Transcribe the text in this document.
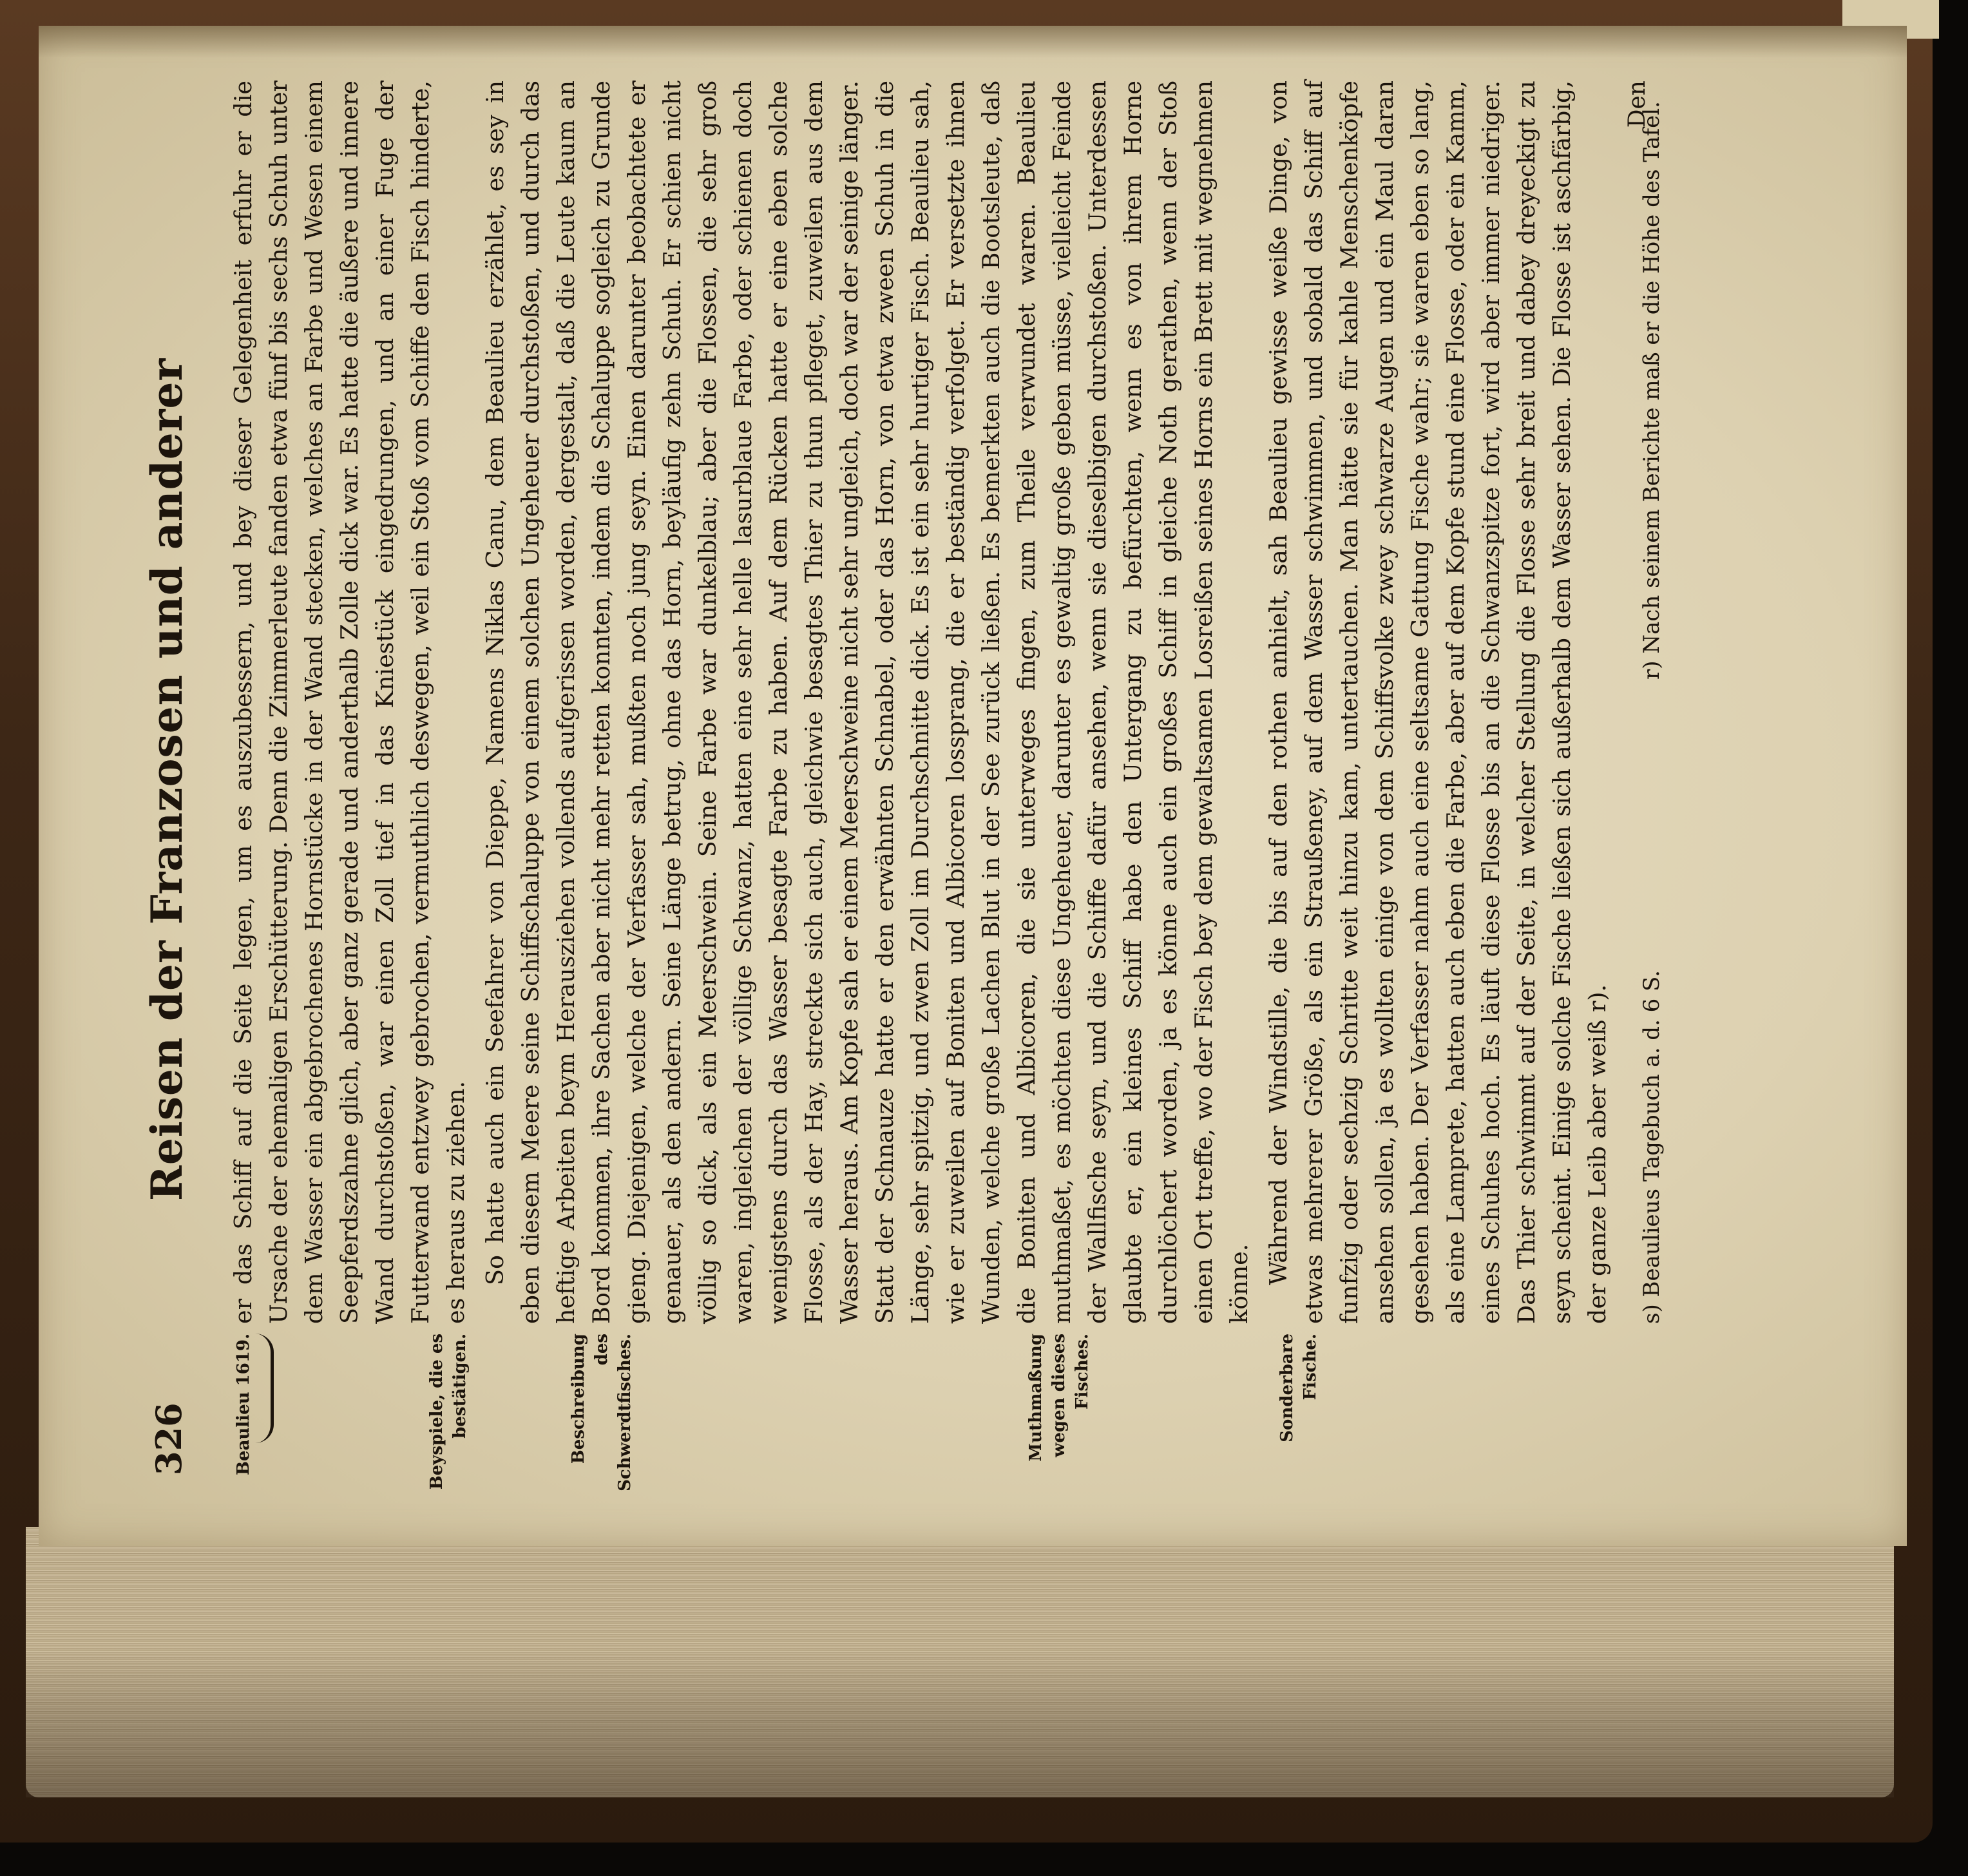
326
Reisen der Franzosen und anderer
Beaulieu 1619.	Beyspiele, die es bestätigen.	Beschreibung des Schwerdtfisches.	Muthmaßung wegen dieses Fisches.	Sonderbare Fische.

er das Schiff auf die Seite legen, um es auszubessern, und bey dieser Gelegenheit erfuhr er die Ursache der ehemaligen Erschütterung. Denn die Zimmerleute fanden etwa fünf bis sechs Schuh unter dem Wasser ein abgebrochenes Hornstücke in der Wand stecken, welches an Farbe und Wesen einem Seepferdszahne glich, aber ganz gerade und anderthalb Zolle dick war. Es hatte die äußere und innere Wand durchstoßen, war einen Zoll tief in das Kniestück eingedrungen, und an einer Fuge der Futterwand entzwey gebrochen, vermuthlich deswegen, weil ein Stoß vom Schiffe den Fisch hinderte, es heraus zu ziehen. So hatte auch ein Seefahrer von Dieppe, Namens Niklas Canu, dem Beaulieu erzählet, es sey in eben diesem Meere seine Schiffschaluppe von einem solchen Ungeheuer durchstoßen, und durch das heftige Arbeiten beym Herausziehen vollends aufgerissen worden, dergestalt, daß die Leute kaum an Bord kommen, ihre Sachen aber nicht mehr retten konnten, indem die Schaluppe sogleich zu Grunde gieng. Diejenigen, welche der Verfasser sah, mußten noch jung seyn. Einen darunter beobachtete er genauer, als den andern. Seine Länge betrug, ohne das Horn, beyläufig zehn Schuh. Er schien nicht völlig so dick, als ein Meerschwein. Seine Farbe war dunkelblau; aber die Flossen, die sehr groß waren, ingleichen der völlige Schwanz, hatten eine sehr helle lasurblaue Farbe, oder schienen doch wenigstens durch das Wasser besagte Farbe zu haben. Auf dem Rücken hatte er eine eben solche Flosse, als der Hay, streckte sich auch, gleichwie besagtes Thier zu thun pfleget, zuweilen aus dem Wasser heraus. Am Kopfe sah er einem Meerschweine nicht sehr ungleich, doch war der seinige länger. Statt der Schnauze hatte er den erwähnten Schnabel, oder das Horn, von etwa zween Schuh in die Länge, sehr spitzig, und zwen Zoll im Durchschnitte dick. Es ist ein sehr hurtiger Fisch. Beaulieu sah, wie er zuweilen auf Boniten und Albicoren lossprang, die er beständig verfolget. Er versetzte ihnen Wunden, welche große Lachen Blut in der See zurück ließen. Es bemerkten auch die Bootsleute, daß die Boniten und Albicoren, die sie unterweges fingen, zum Theile verwundet waren. Beaulieu muthmaßet, es möchten diese Ungeheuer, darunter es gewaltig große geben müsse, vielleicht Feinde der Wallfische seyn, und die Schiffe dafür ansehen, wenn sie dieselbigen durchstoßen. Unterdessen glaubte er, ein kleines Schiff habe den Untergang zu befürchten, wenn es von ihrem Horne durchlöchert worden, ja es könne auch ein großes Schiff in gleiche Noth gerathen, wenn der Stoß einen Ort treffe, wo der Fisch bey dem gewaltsamen Losreißen seines Horns ein Brett mit wegnehmen könne. Während der Windstille, die bis auf den rothen anhielt, sah Beaulieu gewisse weiße Dinge, von etwas mehrerer Größe, als ein Straußeney, auf dem Wasser schwimmen, und sobald das Schiff auf funfzig oder sechzig Schritte weit hinzu kam, untertauchen. Man hätte sie für kahle Menschenköpfe ansehen sollen, ja es wollten einige von dem Schiffsvolke zwey schwarze Augen und ein Maul daran gesehen haben. Der Verfasser nahm auch eine seltsame Gattung Fische wahr; sie waren eben so lang, als eine Lamprete, hatten auch eben die Farbe, aber auf dem Kopfe stund eine Flosse, oder ein Kamm, eines Schuhes hoch. Es läuft diese Flosse bis an die Schwanzspitze fort, wird aber immer niedriger. Das Thier schwimmt auf der Seite, in welcher Stellung die Flosse sehr breit und dabey dreyeckigt zu seyn scheint. Einige solche Fische ließen sich außerhalb dem Wasser sehen. Die Flosse ist aschfärbig, der ganze Leib aber weiß r).

Den

s) Beaulieus Tagebuch a. d. 6 S.
r) Nach seinem Berichte maß er die Höhe des Tafel.
